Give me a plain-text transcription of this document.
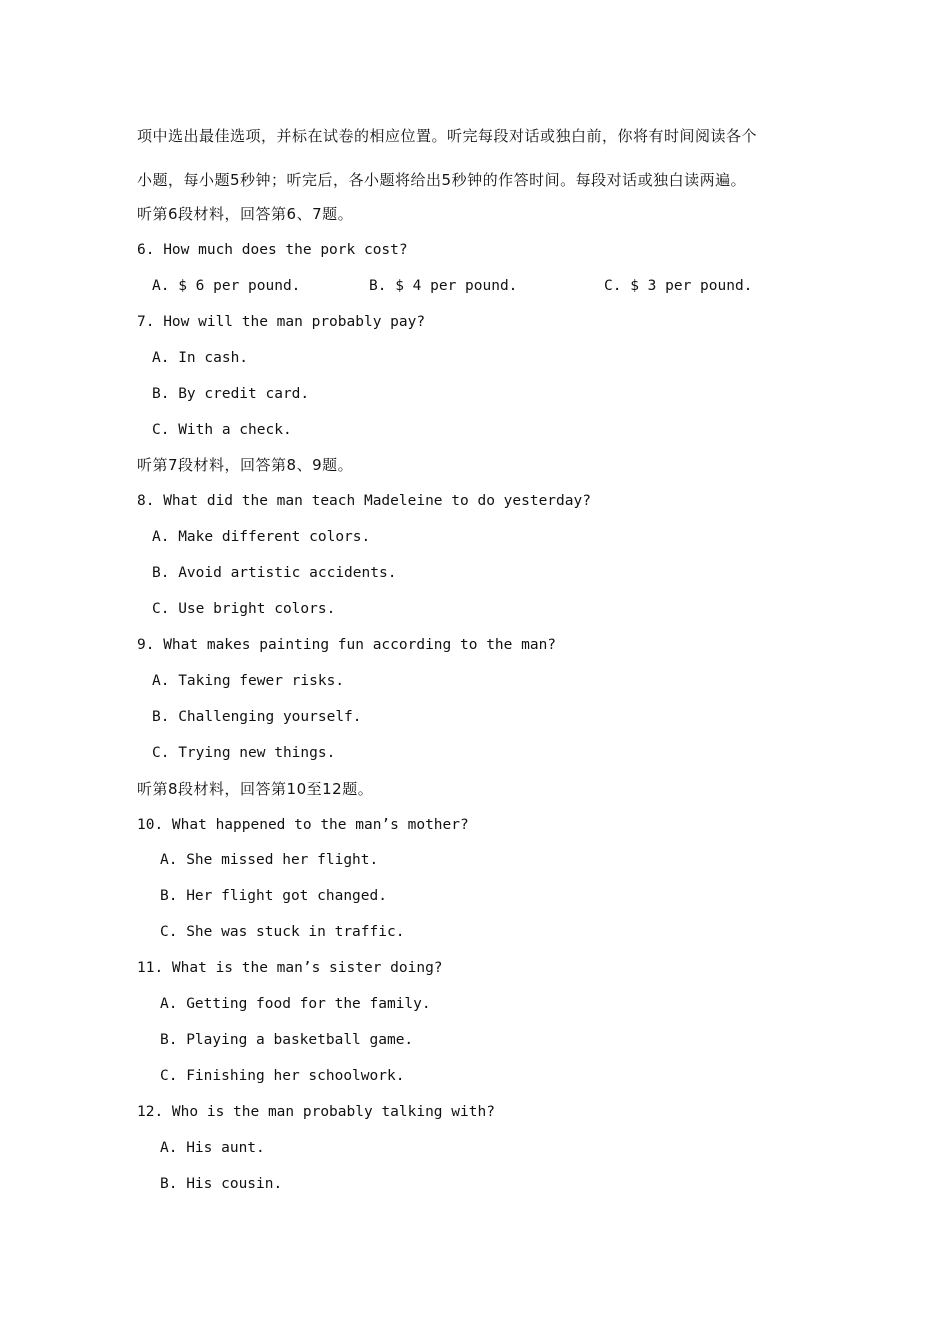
项中选出最佳选项，并标在试卷的相应位置。听完每段对话或独白前，你将有时间阅读各个
小题，每小题5秒钟；听完后，各小题将给出5秒钟的作答时间。每段对话或独白读两遍。
听第6段材料，回答第6、7题。
6. How much does the pork cost?
A. $ 6 per pound.	B. $ 4 per pound.	C. $ 3 per pound.
7. How will the man probably pay?
A. In cash.
B. By credit card.
C. With a check.
听第7段材料，回答第8、9题。
8. What did the man teach Madeleine to do yesterday?
A. Make different colors.
B. Avoid artistic accidents.
C. Use bright colors.
9. What makes painting fun according to the man?
A. Taking fewer risks.
B. Challenging yourself.
C. Trying new things.
听第8段材料，回答第10至12题。
10. What happened to the man’s mother?
A. She missed her flight.
B. Her flight got changed.
C. She was stuck in traffic.
11. What is the man’s sister doing?
A. Getting food for the family.
B. Playing a basketball game.
C. Finishing her schoolwork.
12. Who is the man probably talking with?
A. His aunt.
B. His cousin.
